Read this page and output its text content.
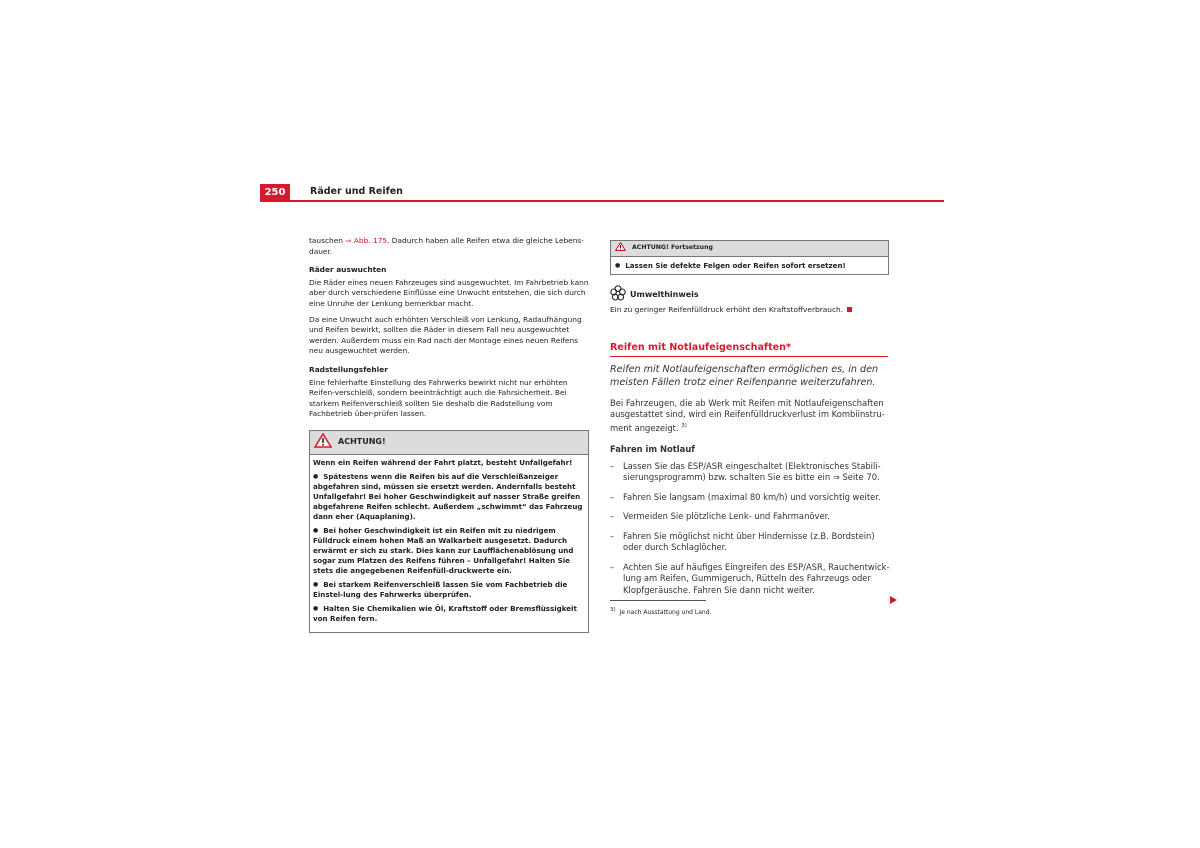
250	Räder und Reifen

tauschen ⇒ Abb. 175. Dadurch haben alle Reifen etwa die gleiche Lebens-dauer.

Räder auswuchten

Die Räder eines neuen Fahrzeuges sind ausgewuchtet. Im Fahrbetrieb kann aber durch verschiedene Einflüsse eine Unwucht entstehen, die sich durch eine Unruhe der Lenkung bemerkbar macht.

Da eine Unwucht auch erhöhten Verschleiß von Lenkung, Radaufhängung und Reifen bewirkt, sollten die Räder in diesem Fall neu ausgewuchtet werden. Außerdem muss ein Rad nach der Montage eines neuen Reifens neu ausgewuchtet werden.

Radstellungsfehler

Eine fehlerhafte Einstellung des Fahrwerks bewirkt nicht nur erhöhten Reifen-verschleiß, sondern beeinträchtigt auch die Fahrsicherheit. Bei starkem Reifenverschleiß sollten Sie deshalb die Radstellung vom Fachbetrieb über-prüfen lassen.

ACHTUNG!

Wenn ein Reifen während der Fahrt platzt, besteht Unfallgefahr!

● Spätestens wenn die Reifen bis auf die Verschleißanzeiger abgefahren sind, müssen sie ersetzt werden. Andernfalls besteht Unfallgefahr! Bei hoher Geschwindigkeit auf nasser Straße greifen abgefahrene Reifen schlecht. Außerdem „schwimmt“ das Fahrzeug dann eher (Aquaplaning).

● Bei hoher Geschwindigkeit ist ein Reifen mit zu niedrigem Fülldruck einem hohen Maß an Walkarbeit ausgesetzt. Dadurch erwärmt er sich zu stark. Dies kann zur Laufflächenablösung und sogar zum Platzen des Reifens führen – Unfallgefahr! Halten Sie stets die angegebenen Reifenfüll-druckwerte ein.

● Bei starkem Reifenverschleiß lassen Sie vom Fachbetrieb die Einstel-lung des Fahrwerks überprüfen.

● Halten Sie Chemikalien wie Öl, Kraftstoff oder Bremsflüssigkeit von Reifen fern.

ACHTUNG! Fortsetzung

● Lassen Sie defekte Felgen oder Reifen sofort ersetzen!

Umwelthinweis

Ein zu geringer Reifenfülldruck erhöht den Kraftstoffverbrauch.

Reifen mit Notlaufeigenschaften*

Reifen mit Notlaufeigenschaften ermöglichen es, in den meisten Fällen trotz einer Reifenpanne weiterzufahren.

Bei Fahrzeugen, die ab Werk mit Reifen mit Notlaufeigenschaften ausgestattet sind, wird ein Reifenfülldruckverlust im Kombiinstru-ment angezeigt. $^{3)}$

Fahren im Notlauf

–	Lassen Sie das ESP/ASR eingeschaltet (Elektronisches Stabili-sierungsprogramm) bzw. schalten Sie es bitte ein ⇒ Seite 70.
–	Fahren Sie langsam (maximal 80 km/h) und vorsichtig weiter.
–	Vermeiden Sie plötzliche Lenk- und Fahrmanöver.
–	Fahren Sie möglichst nicht über Hindernisse (z.B. Bordstein) oder durch Schlaglöcher.
–	Achten Sie auf häufiges Eingreifen des ESP/ASR, Rauchentwick-lung am Reifen, Gummigeruch, Rütteln des Fahrzeugs oder Klopfgeräusche. Fahren Sie dann nicht weiter.

$^{3)}$ Je nach Ausstattung und Land.
